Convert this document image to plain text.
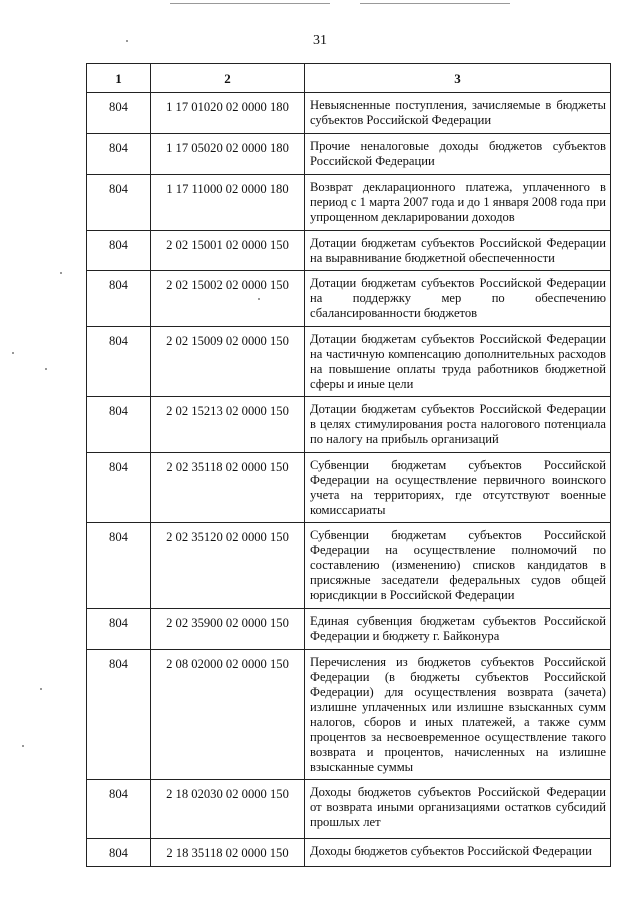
31
1	2	3
804	1 17 01020 02 0000 180	Невыясненные поступления, зачисляемые в бюджеты субъектов Российской Федерации
804	1 17 05020 02 0000 180	Прочие неналоговые доходы бюджетов субъектов Российской Федерации
804	1 17 11000 02 0000 180	Возврат декларационного платежа, уплаченного в период с 1 марта 2007 года и до 1 января 2008 года при упрощенном декларировании доходов
804	2 02 15001 02 0000 150	Дотации бюджетам субъектов Российской Федерации на выравнивание бюджетной обеспеченности
804	2 02 15002 02 0000 150	Дотации бюджетам субъектов Российской Федерации на поддержку мер по обеспечению сбалансированности бюджетов
804	2 02 15009 02 0000 150	Дотации бюджетам субъектов Российской Федерации на частичную компенсацию дополнительных расходов на повышение оплаты труда работников бюджетной сферы и иные цели
804	2 02 15213 02 0000 150	Дотации бюджетам субъектов Российской Федерации в целях стимулирования роста налогового потенциала по налогу на прибыль организаций
804	2 02 35118 02 0000 150	Субвенции бюджетам субъектов Российской Федерации на осуществление первичного воинского учета на территориях, где отсутствуют военные комиссариаты
804	2 02 35120 02 0000 150	Субвенции бюджетам субъектов Российской Федерации на осуществление полномочий по составлению (изменению) списков кандидатов в присяжные заседатели федеральных судов общей юрисдикции в Российской Федерации
804	2 02 35900 02 0000 150	Единая субвенция бюджетам субъектов Российской Федерации и бюджету г. Байконура
804	2 08 02000 02 0000 150	Перечисления из бюджетов субъектов Российской Федерации (в бюджеты субъектов Российской Федерации) для осуществления возврата (зачета) излишне уплаченных или излишне взысканных сумм налогов, сборов и иных платежей, а также сумм процентов за несвоевременное осуществление такого возврата и процентов, начисленных на излишне взысканные суммы
804	2 18 02030 02 0000 150	Доходы бюджетов субъектов Российской Федерации от возврата иными организациями остатков субсидий прошлых лет
804	2 18 35118 02 0000 150	Доходы бюджетов субъектов Российской Федерации
